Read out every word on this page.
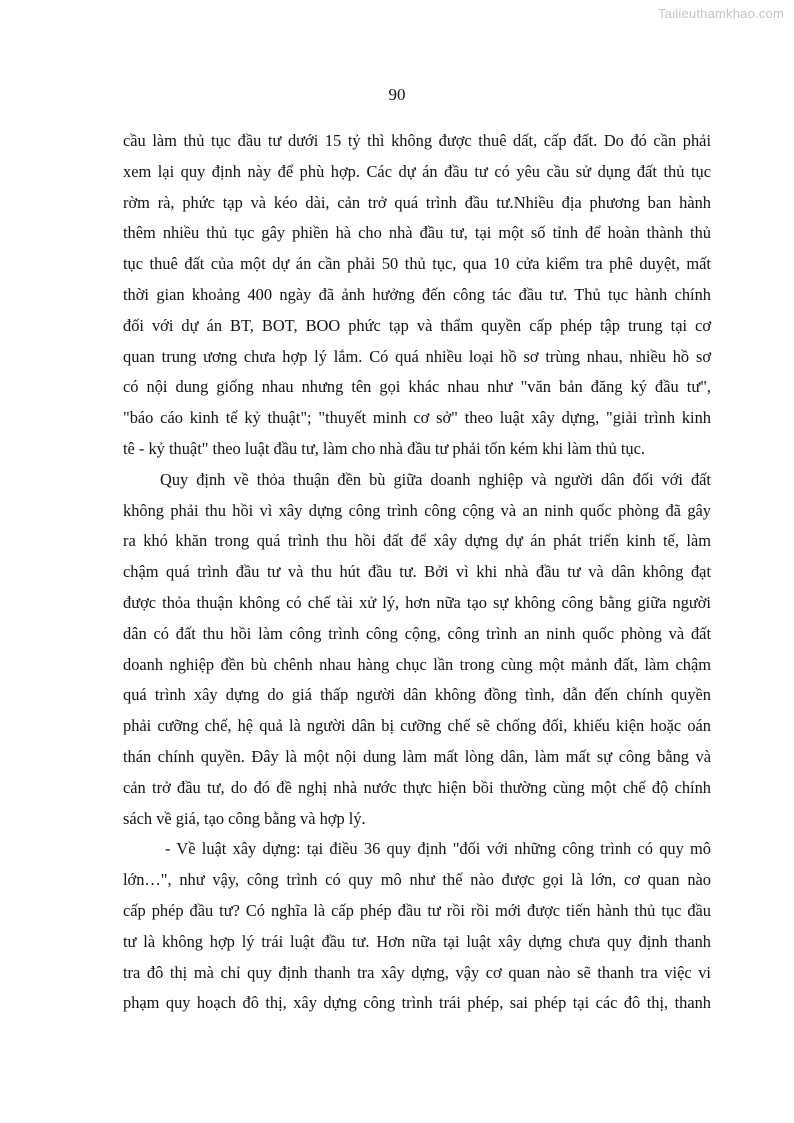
Tailieuthamkhao.com
90
cầu làm thủ tục đầu tư dưới 15 tỷ thì không được thuê dất, cấp đất. Do đó cần phải
xem lại quy định này để phù hợp. Các dự án đầu tư có yêu cầu sử dụng đất thủ tục
rờm rà, phức tạp và kéo dài, cản trở quá trình đầu tư.Nhiều địa phương ban hành
thêm nhiều thủ tục gây phiền hà cho nhà đầu tư, tại một số tỉnh để hoàn thành thủ
tục thuê đất của một dự án cần phải 50 thủ tục, qua 10 cửa kiểm tra phê duyệt, mất
thời gian khoảng 400 ngày đã ảnh hưởng đến công tác đầu tư. Thủ tục hành chính
đối với dự án BT, BOT, BOO phức tạp và thẩm quyền cấp phép tập trung tại cơ
quan trung ương chưa hợp lý lắm. Có quá nhiều loại hồ sơ trùng nhau, nhiều hồ sơ
có nội dung giống nhau nhưng tên gọi khác nhau như "văn bản đăng ký đầu tư",
"báo cáo kinh tế kỷ thuật"; "thuyết minh cơ sở" theo luật xây dựng, "giải trình kinh
tê - kỷ thuật" theo luật đầu tư, làm cho nhà đầu tư phải tốn kém khi làm thủ tục.
Quy định về thỏa thuận đền bù giữa doanh nghiệp và người dân đối với đất
không phải thu hồi vì xây dựng công trình công cộng và an ninh quốc phòng đã gây
ra khó khăn trong quá trình thu hồi đất để xây dựng dự án phát triển kinh tế, làm
chậm quá trình đầu tư và thu hút đầu tư. Bởi vì khi nhà đầu tư và dân không đạt
được thỏa thuận không có chế tài xử lý, hơn nữa tạo sự không công bằng giữa người
dân có đất thu hồi làm công trình công cộng, công trình an ninh quốc phòng và đất
doanh nghiệp đền bù chênh nhau hàng chục lần trong cùng một mảnh đất, làm chậm
quá trình xây dựng do giá thấp người dân không đồng tình, dẫn đến chính quyền
phải cưỡng chế, hệ quả là người dân bị cưỡng chế sẽ chống đối, khiếu kiện hoặc oán
thán chính quyền. Đây là một nội dung làm mất lòng dân, làm mất sự công bằng và
cản trở đầu tư, do đó đề nghị nhà nước thực hiện bồi thường cùng một chế độ chính
sách về giá, tạo công bằng và hợp lý.
- Về luật xây dựng: tại điều 36 quy định "đối với những công trình có quy mô
lớn…", như vậy, công trình có quy mô như thế nào được gọi là lớn, cơ quan nào
cấp phép đầu tư? Có nghĩa là cấp phép đầu tư rồi rồi mới được tiến hành thủ tục đầu
tư là không hợp lý trái luật đầu tư. Hơn nữa tại luật xây dựng chưa quy định thanh
tra đô thị mà chỉ quy định thanh tra xây dựng, vậy cơ quan nào sẽ thanh tra việc vi
phạm quy hoạch đô thị, xây dựng công trình trái phép, sai phép tại các đô thị, thanh
